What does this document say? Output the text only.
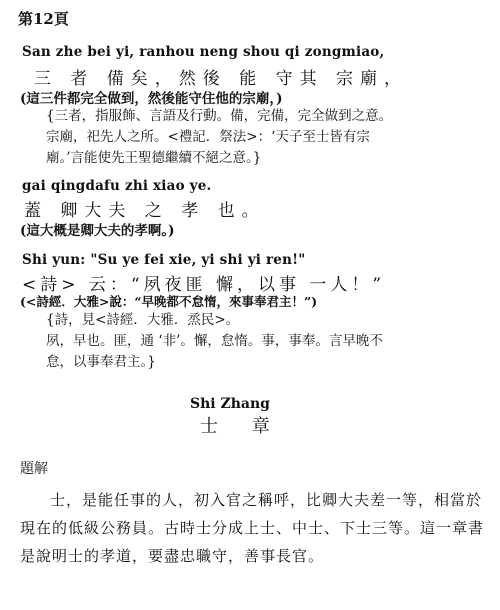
第12頁
San zhe bei yi, ranhou neng shou qi zongmiao,
三 者 備矣，然後 能 守其 宗廟，
(這三件都完全做到，然後能守住他的宗廟，)
{三者，指服飾、言語及行動。備，完備，完全做到之意。
宗廟，祀先人之所。<禮記．祭法>：‘天子至士皆有宗
廟。’言能使先王聖德繼續不絕之意。}
gai qingdafu zhi xiao ye.
蓋 卿大夫 之 孝 也。
(這大概是卿大夫的孝啊。)
Shi yun: "Su ye fei xie, yi shi yi ren!"
<詩> 云：“夙夜匪 懈，以事 一人！”
(<詩經．大雅>說：“早晚都不怠惰，來事奉君主！”)
{詩，見<詩經．大雅．烝民>。
夙，早也。匪，通 ‘非’。懈，怠惰。事，事奉。言早晚不
怠，以事奉君主。}
Shi Zhang
士 章
題解
士，是能任事的人，初入官之稱呼，比卿大夫差一等，相當於現在的低級公務員。古時士分成上士、中士、下士三等。這一章書是說明士的孝道，要盡忠職守，善事長官。
